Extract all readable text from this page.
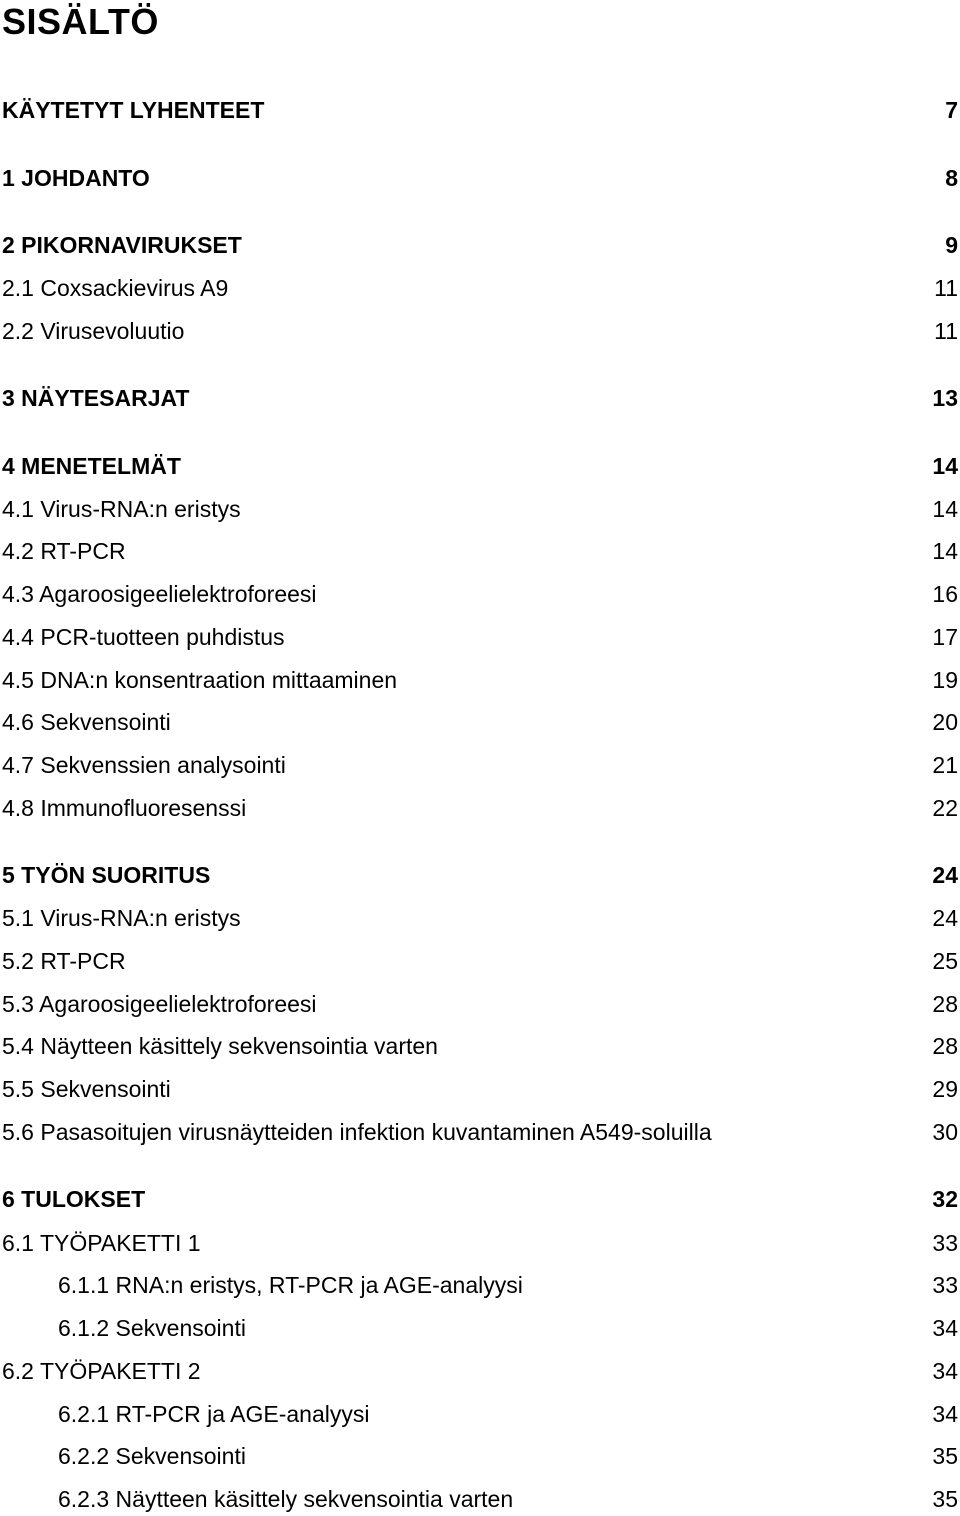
SISÄLTÖ
KÄYTETYT LYHENTEET	7
1 JOHDANTO	8
2 PIKORNAVIRUKSET	9
2.1 Coxsackievirus A9	11
2.2 Virusevoluutio	11
3 NÄYTESARJAT	13
4 MENETELMÄT	14
4.1 Virus-RNA:n eristys	14
4.2 RT-PCR	14
4.3 Agaroosigeelielektroforeesi	16
4.4 PCR-tuotteen puhdistus	17
4.5 DNA:n konsentraation mittaaminen	19
4.6 Sekvensointi	20
4.7 Sekvenssien analysointi	21
4.8 Immunofluoresenssi	22
5 TYÖN SUORITUS	24
5.1 Virus-RNA:n eristys	24
5.2 RT-PCR	25
5.3 Agaroosigeelielektroforeesi	28
5.4 Näytteen käsittely sekvensointia varten	28
5.5 Sekvensointi	29
5.6 Pasasoitujen virusnäytteiden infektion kuvantaminen A549-soluilla	30
6 TULOKSET	32
6.1 TYÖPAKETTI 1	33
6.1.1 RNA:n eristys, RT-PCR ja AGE-analyysi	33
6.1.2 Sekvensointi	34
6.2 TYÖPAKETTI 2	34
6.2.1 RT-PCR ja AGE-analyysi	34
6.2.2 Sekvensointi	35
6.2.3 Näytteen käsittely sekvensointia varten	35
